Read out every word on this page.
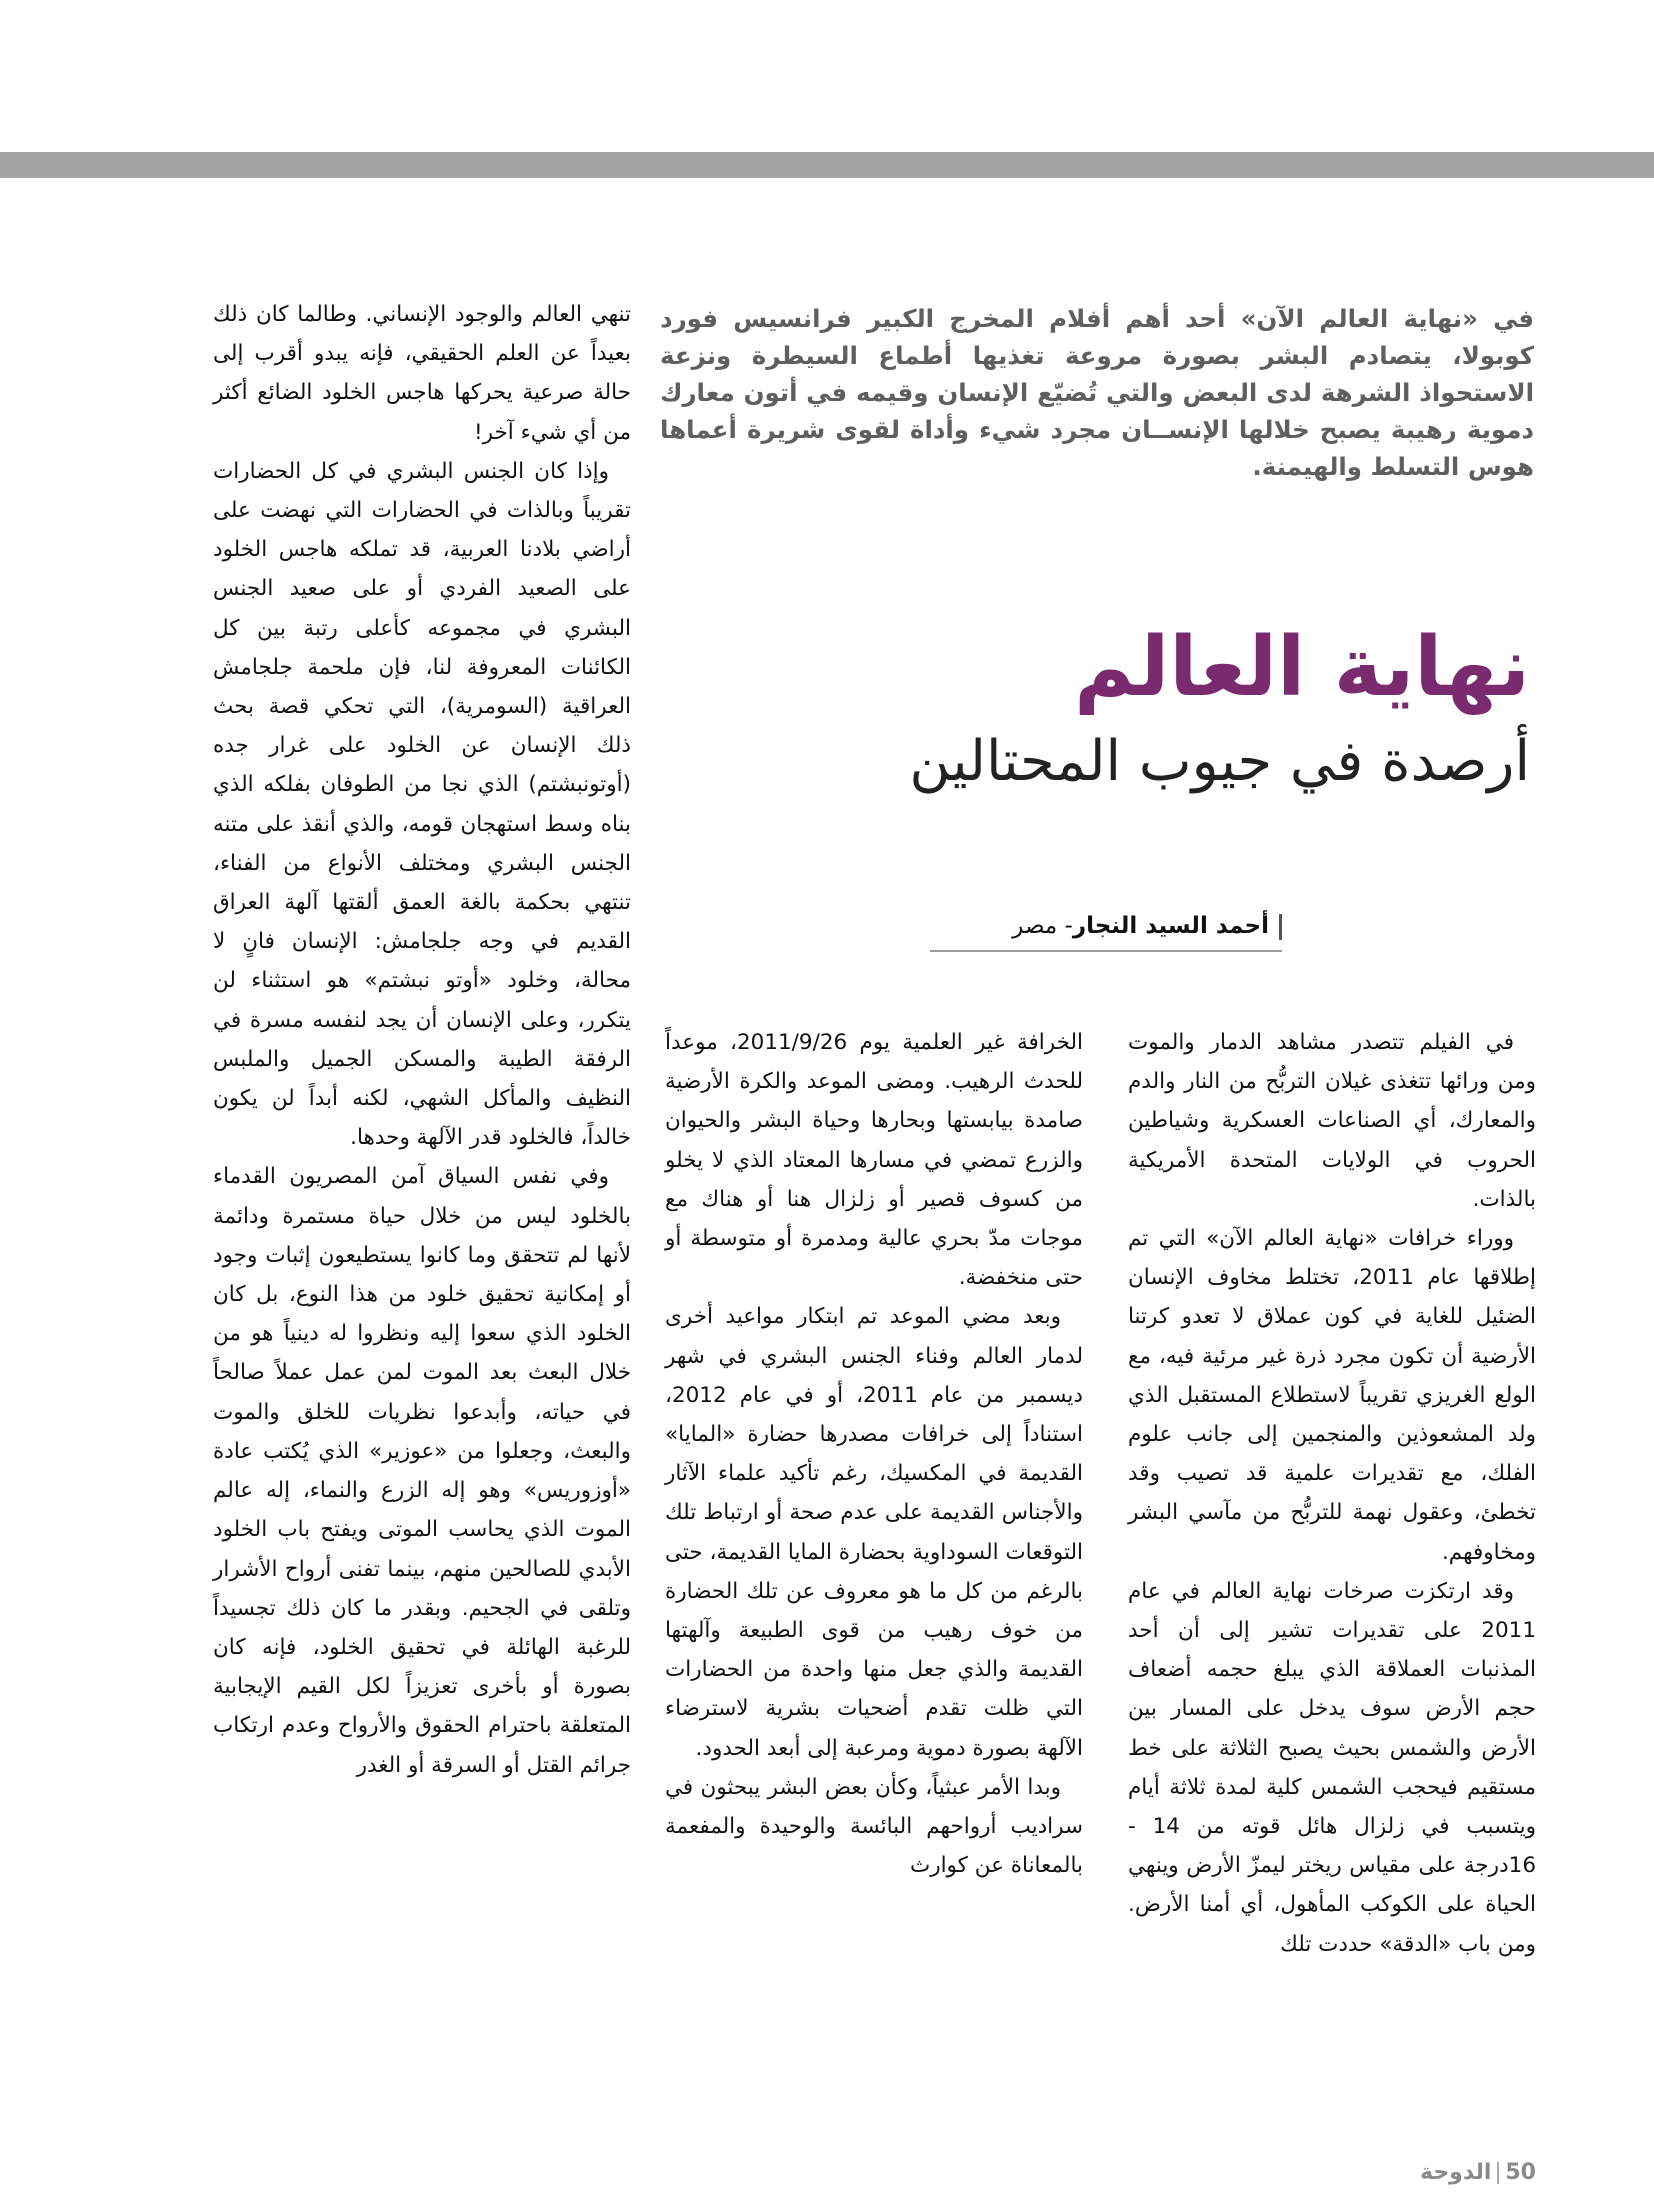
في «نهاية العالم الآن» أحد أهم أفلام المخرج الكبير فرانسيس فورد كوبولا، يتصادم البشر بصورة مروعة تغذيها أطماع السيطرة ونزعة الاستحواذ الشرهة لدى البعض والتي تُضيّع الإنسان وقيمه في أتون معارك دموية رهيبة يصبح خلالها الإنســان مجرد شيء وأداة لقوى شريرة أعماها هوس التسلط والهيمنة.
نهاية العالم
أرصدة في جيوب المحتالين
أحمد السيد النجار- مصر

في الفيلم تتصدر مشاهد الدمار والموت ومن ورائها تتغذى غيلان التربُّح من النار والدم والمعارك، أي الصناعات العسكرية وشياطين الحروب في الولايات المتحدة الأمريكية بالذات.

ووراء خرافات «نهاية العالم الآن» التي تم إطلاقها عام 2011، تختلط مخاوف الإنسان الضئيل للغاية في كون عملاق لا تعدو كرتنا الأرضية أن تكون مجرد ذرة غير مرئية فيه، مع الولع الغريزي تقريباً لاستطلاع المستقبل الذي ولد المشعوذين والمنجمين إلى جانب علوم الفلك، مع تقديرات علمية قد تصيب وقد تخطئ، وعقول نهمة للتربُّح من مآسي البشر ومخاوفهم.

وقد ارتكزت صرخات نهاية العالم في عام 2011 على تقديرات تشير إلى أن أحد المذنبات العملاقة الذي يبلغ حجمه أضعاف حجم الأرض سوف يدخل على المسار بين الأرض والشمس بحيث يصبح الثلاثة على خط مستقيم فيحجب الشمس كلية لمدة ثلاثة أيام ويتسبب في زلزال هائل قوته من 14 - 16درجة على مقياس ريختر ليمزّ الأرض وينهي الحياة على الكوكب المأهول، أي أمنا الأرض. ومن باب «الدقة» حددت تلك

الخرافة غير العلمية يوم 2011/9/26، موعداً للحدث الرهيب. ومضى الموعد والكرة الأرضية صامدة بيابستها وبحارها وحياة البشر والحيوان والزرع تمضي في مسارها المعتاد الذي لا يخلو من كسوف قصير أو زلزال هنا أو هناك مع موجات مدّ بحري عالية ومدمرة أو متوسطة أو حتى منخفضة.

وبعد مضي الموعد تم ابتكار مواعيد أخرى لدمار العالم وفناء الجنس البشري في شهر ديسمبر من عام 2011، أو في عام 2012، استناداً إلى خرافات مصدرها حضارة «المايا» القديمة في المكسيك، رغم تأكيد علماء الآثار والأجناس القديمة على عدم صحة أو ارتباط تلك التوقعات السوداوية بحضارة المايا القديمة، حتى بالرغم من كل ما هو معروف عن تلك الحضارة من خوف رهيب من قوى الطبيعة وآلهتها القديمة والذي جعل منها واحدة من الحضارات التي ظلت تقدم أضحيات بشرية لاسترضاء الآلهة بصورة دموية ومرعبة إلى أبعد الحدود.

وبدا الأمر عبثياً، وكأن بعض البشر يبحثون في سراديب أرواحهم البائسة والوحيدة والمفعمة بالمعاناة عن كوارث

تنهي العالم والوجود الإنساني. وطالما كان ذلك بعيداً عن العلم الحقيقي، فإنه يبدو أقرب إلى حالة صرعية يحركها هاجس الخلود الضائع أكثر من أي شيء آخر!

وإذا كان الجنس البشري في كل الحضارات تقريباً وبالذات في الحضارات التي نهضت على أراضي بلادنا العربية، قد تملكه هاجس الخلود على الصعيد الفردي أو على صعيد الجنس البشري في مجموعه كأعلى رتبة بين كل الكائنات المعروفة لنا، فإن ملحمة جلجامش العراقية (السومرية)، التي تحكي قصة بحث ذلك الإنسان عن الخلود على غرار جده (أوتونبشتم) الذي نجا من الطوفان بفلكه الذي بناه وسط استهجان قومه، والذي أنقذ على متنه الجنس البشري ومختلف الأنواع من الفناء، تنتهي بحكمة بالغة العمق ألقتها آلهة العراق القديم في وجه جلجامش: الإنسان فانٍ لا محالة، وخلود «أوتو نبشتم» هو استثناء لن يتكرر، وعلى الإنسان أن يجد لنفسه مسرة في الرفقة الطيبة والمسكن الجميل والملبس النظيف والمأكل الشهي، لكنه أبداً لن يكون خالداً، فالخلود قدر الآلهة وحدها.

وفي نفس السياق آمن المصريون القدماء بالخلود ليس من خلال حياة مستمرة ودائمة لأنها لم تتحقق وما كانوا يستطيعون إثبات وجود أو إمكانية تحقيق خلود من هذا النوع، بل كان الخلود الذي سعوا إليه ونظروا له دينياً هو من خلال البعث بعد الموت لمن عمل عملاً صالحاً في حياته، وأبدعوا نظريات للخلق والموت والبعث، وجعلوا من «عوزير» الذي يُكتب عادة «أوزوريس» وهو إله الزرع والنماء، إله عالم الموت الذي يحاسب الموتى ويفتح باب الخلود الأبدي للصالحين منهم، بينما تفنى أرواح الأشرار وتلقى في الجحيم. وبقدر ما كان ذلك تجسيداً للرغبة الهائلة في تحقيق الخلود، فإنه كان بصورة أو بأخرى تعزيزاً لكل القيم الإيجابية المتعلقة باحترام الحقوق والأرواح وعدم ارتكاب جرائم القتل أو السرقة أو الغدر

50الدوحة
